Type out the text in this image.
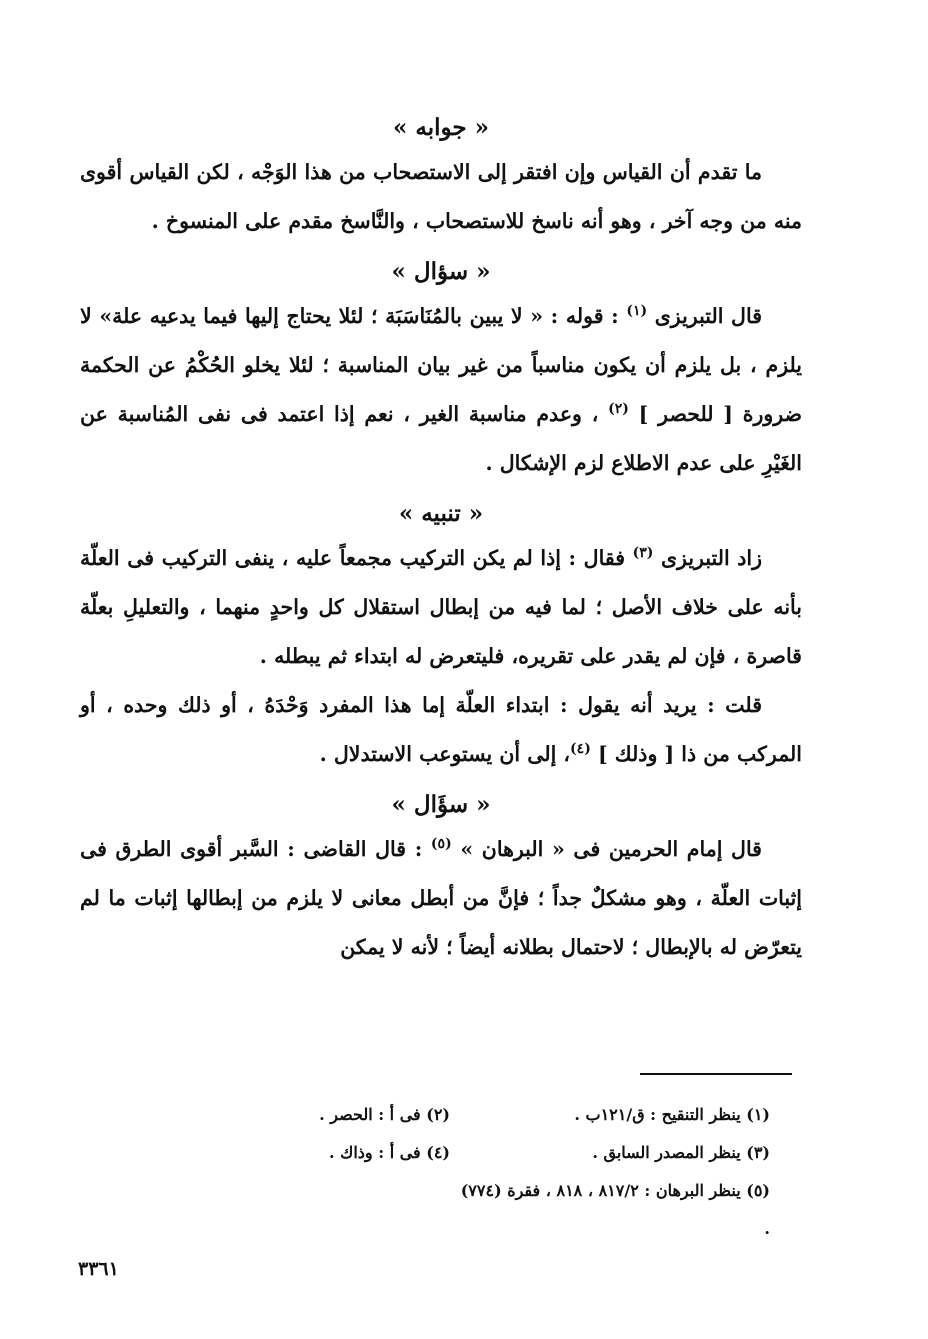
« جوابه »

ما تقدم أن القياس وإن افتقر إلى الاستصحاب من هذا الوَجْه ، لكن القياس أقوى منه من وجه آخر ، وهو أنه ناسخ للاستصحاب ، والنَّاسخ مقدم على المنسوخ .

« سؤال »

قال التبريزى $^{(١)}$ : قوله : « لا يبين بالمُنَاسَبَة ؛ لئلا يحتاج إليها فيما يدعيه علة» لا يلزم ، بل يلزم أن يكون مناسباً من غير بيان المناسبة ؛ لئلا يخلو الحُكْمُ عن الحكمة ضرورة [ للحصر ] $^{(٢)}$ ، وعدم مناسبة الغير ، نعم إذا اعتمد فى نفى المُناسبة عن الغَيْرِ على عدم الاطلاع لزم الإشكال .

« تنبيه »

زاد التبريزى $^{(٣)}$ فقال : إذا لم يكن التركيب مجمعاً عليه ، ينفى التركيب فى العلّة بأنه على خلاف الأصل ؛ لما فيه من إبطال استقلال كل واحدٍ منهما ، والتعليلِ بعلّة قاصرة ، فإن لم يقدر على تقريره، فليتعرض له ابتداء ثم يبطله .

قلت : يريد أنه يقول : ابتداء العلّة إما هذا المفرد وَحْدَهُ ، أو ذلك وحده ، أو المركب من ذا [ وذلك ] $^{(٤)}$، إلى أن يستوعب الاستدلال .

« سؤَال »

قال إمام الحرمين فى « البرهان » $^{(٥)}$ : قال القاضى : السَّبر أقوى الطرق فى إثبات العلّة ، وهو مشكلٌ جداً ؛ فإنَّ من أبطل معانى لا يلزم من إبطالها إثبات ما لم يتعرّض له بالإبطال ؛ لاحتمال بطلانه أيضاً ؛ لأنه لا يمكن

(١) ينظر التنقيح : ق/١٢١ب .
(٢) فى أ : الحصر .
(٣) ينظر المصدر السابق .
(٤) فى أ : وذاك .
(٥) ينظر البرهان : ٨١٧/٢ ، ٨١٨ ، فقرة (٧٧٤) .
٣٣٦١
